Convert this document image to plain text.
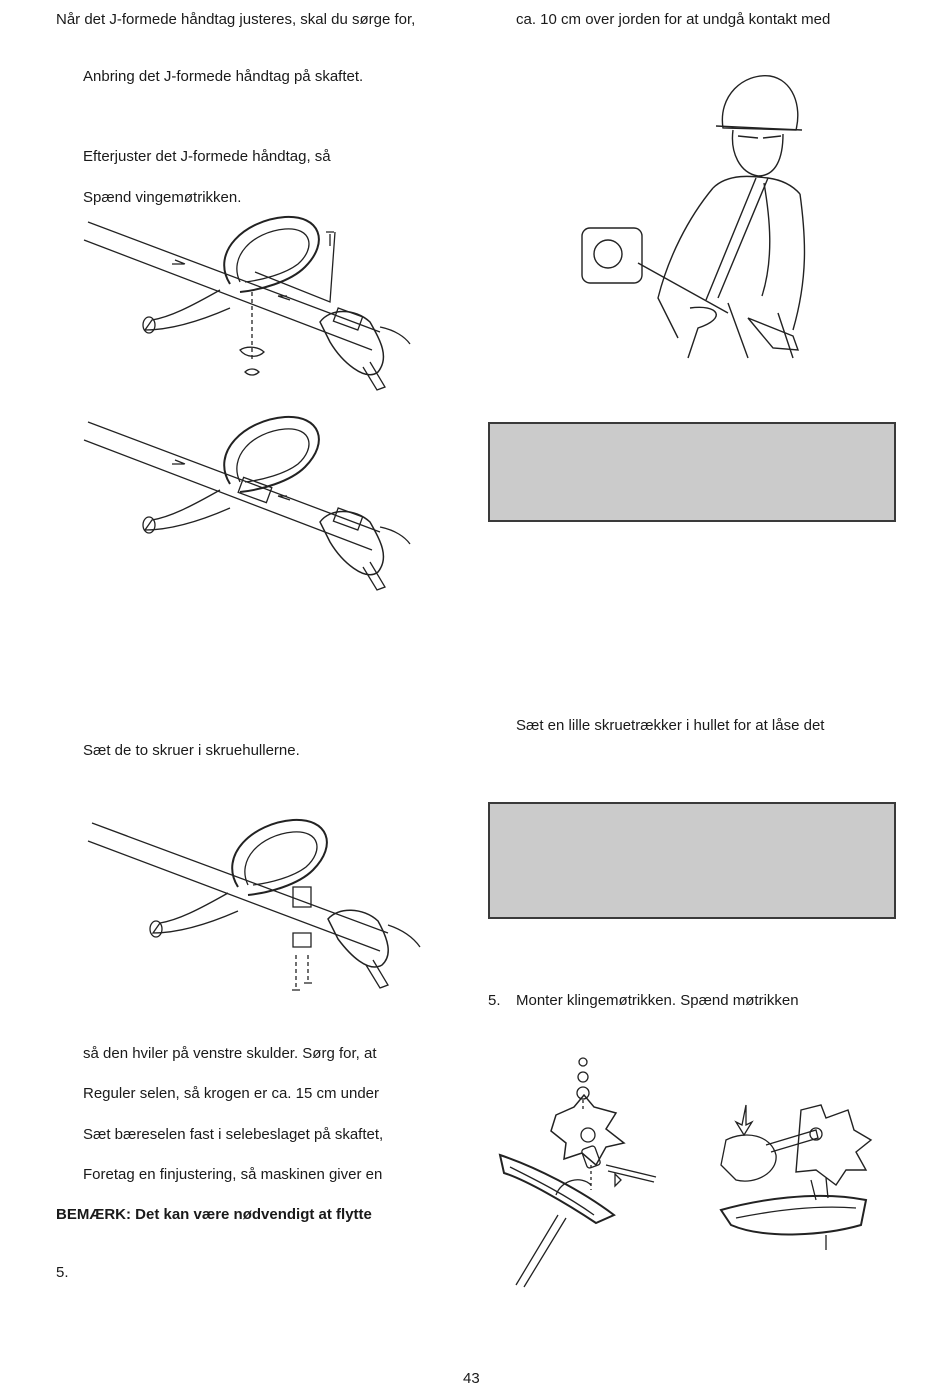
Når det J-formede håndtag justeres, skal du sørge for,
Anbring det J-formede håndtag på skaftet.
Efterjuster det J-formede håndtag, så
Spænd vingemøtrikken.
Sæt de to skruer i skruehullerne.
så den hviler på venstre skulder. Sørg for, at
Reguler selen, så krogen er ca. 15 cm under
Sæt bæreselen fast i selebeslaget på skaftet,
Foretag en finjustering, så maskinen giver en
BEMÆRK: Det kan være nødvendigt at flytte
5.
ca. 10 cm over jorden for at undgå kontakt med
Sæt en lille skruetrækker i hullet for at låse det
5. Monter klingemøtrikken. Spænd møtrikken
43
